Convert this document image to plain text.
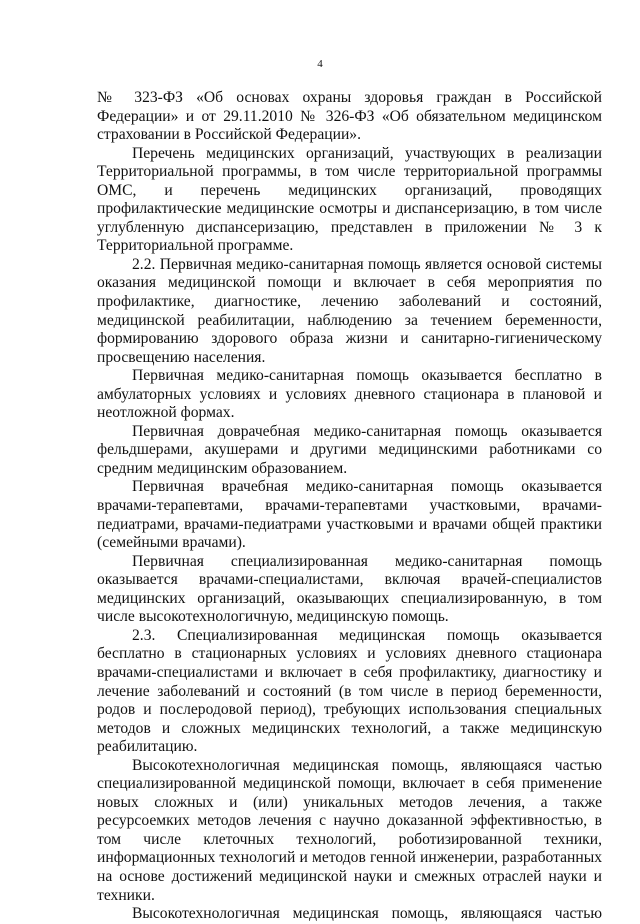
4

№ 323-ФЗ «Об основах охраны здоровья граждан в Российской Федерации» и от 29.11.2010 № 326-ФЗ «Об обязательном медицинском страховании в Российской Федерации».

Перечень медицинских организаций, участвующих в реализации Территориальной программы, в том числе территориальной программы ОМС, и перечень медицинских организаций, проводящих профилактические медицинские осмотры и диспансеризацию, в том числе углубленную диспансеризацию, представлен в приложении № 3 к Территориальной программе.

2.2. Первичная медико-санитарная помощь является основой системы оказания медицинской помощи и включает в себя мероприятия по профилактике, диагностике, лечению заболеваний и состояний, медицинской реабилитации, наблюдению за течением беременности, формированию здорового образа жизни и санитарно-гигиеническому просвещению населения.

Первичная медико-санитарная помощь оказывается бесплатно в амбулаторных условиях и условиях дневного стационара в плановой и неотложной формах.

Первичная доврачебная медико-санитарная помощь оказывается фельдшерами, акушерами и другими медицинскими работниками со средним медицинским образованием.

Первичная врачебная медико-санитарная помощь оказывается врачами-терапевтами, врачами-терапевтами участковыми, врачами-педиатрами, врачами-педиатрами участковыми и врачами общей практики (семейными врачами).

Первичная специализированная медико-санитарная помощь оказывается врачами-специалистами, включая врачей-специалистов медицинских организаций, оказывающих специализированную, в том числе высокотехнологичную, медицинскую помощь.

2.3. Специализированная медицинская помощь оказывается бесплатно в стационарных условиях и условиях дневного стационара врачами-специалистами и включает в себя профилактику, диагностику и лечение заболеваний и состояний (в том числе в период беременности, родов и послеродовой период), требующих использования специальных методов и сложных медицинских технологий, а также медицинскую реабилитацию.

Высокотехнологичная медицинская помощь, являющаяся частью специализированной медицинской помощи, включает в себя применение новых сложных и (или) уникальных методов лечения, а также ресурсоемких методов лечения с научно доказанной эффективностью, в том числе клеточных технологий, роботизированной техники, информационных технологий и методов генной инженерии, разработанных на основе достижений медицинской науки и смежных отраслей науки и техники.

Высокотехнологичная медицинская помощь, являющаяся частью
